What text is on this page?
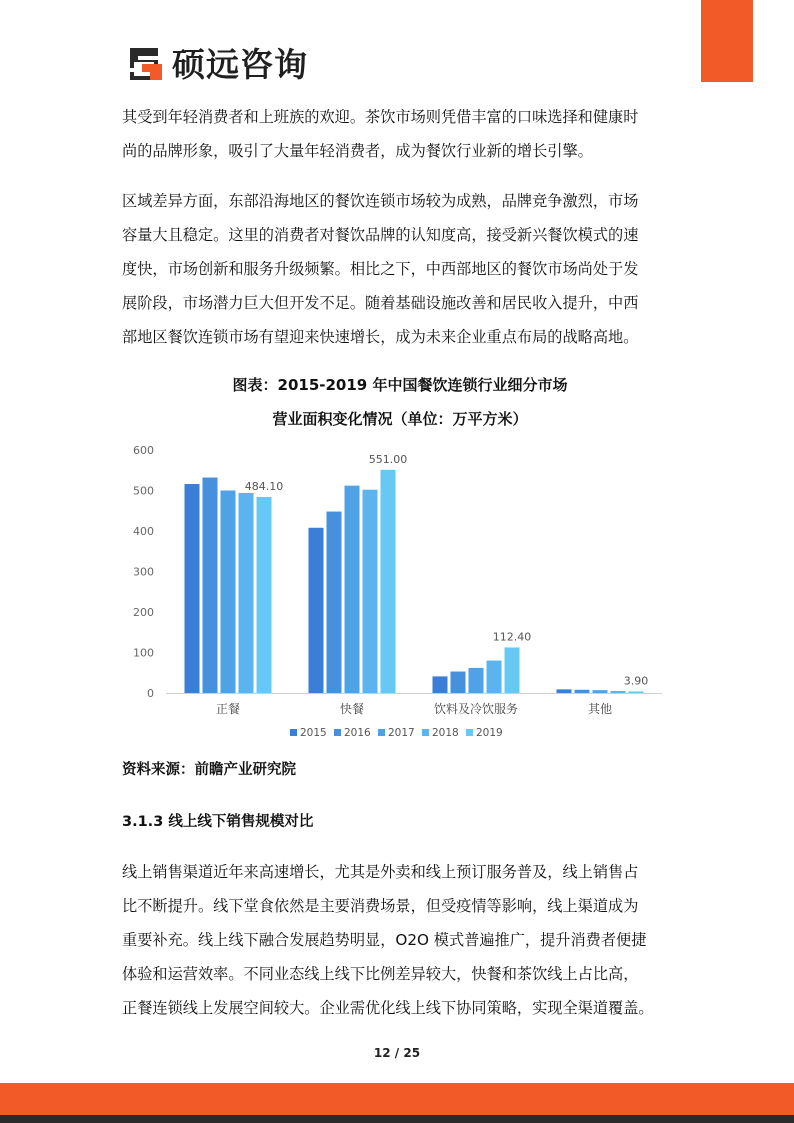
硕远咨询

其受到年轻消费者和上班族的欢迎。茶饮市场则凭借丰富的口味选择和健康时

尚的品牌形象，吸引了大量年轻消费者，成为餐饮行业新的增长引擎。

区域差异方面，东部沿海地区的餐饮连锁市场较为成熟，品牌竞争激烈，市场

容量大且稳定。这里的消费者对餐饮品牌的认知度高，接受新兴餐饮模式的速

度快，市场创新和服务升级频繁。相比之下，中西部地区的餐饮市场尚处于发

展阶段，市场潜力巨大但开发不足。随着基础设施改善和居民收入提升，中西

部地区餐饮连锁市场有望迎来快速增长，成为未来企业重点布局的战略高地。

图表：2015-2019 年中国餐饮连锁行业细分市场
营业面积变化情况（单位：万平方米）
0
100
200
300
400
500
600
正餐	快餐	饮料及冷饮服务	其他
484.10
551.00
112.40
3.90
2015 2016 2017 2018 2019
资料来源：前瞻产业研究院
3.1.3 线上线下销售规模对比

线上销售渠道近年来高速增长，尤其是外卖和线上预订服务普及，线上销售占

比不断提升。线下堂食依然是主要消费场景，但受疫情等影响，线上渠道成为

重要补充。线上线下融合发展趋势明显，O2O 模式普遍推广，提升消费者便捷

体验和运营效率。不同业态线上线下比例差异较大，快餐和茶饮线上占比高，

正餐连锁线上发展空间较大。企业需优化线上线下协同策略，实现全渠道覆盖。

12 / 25
